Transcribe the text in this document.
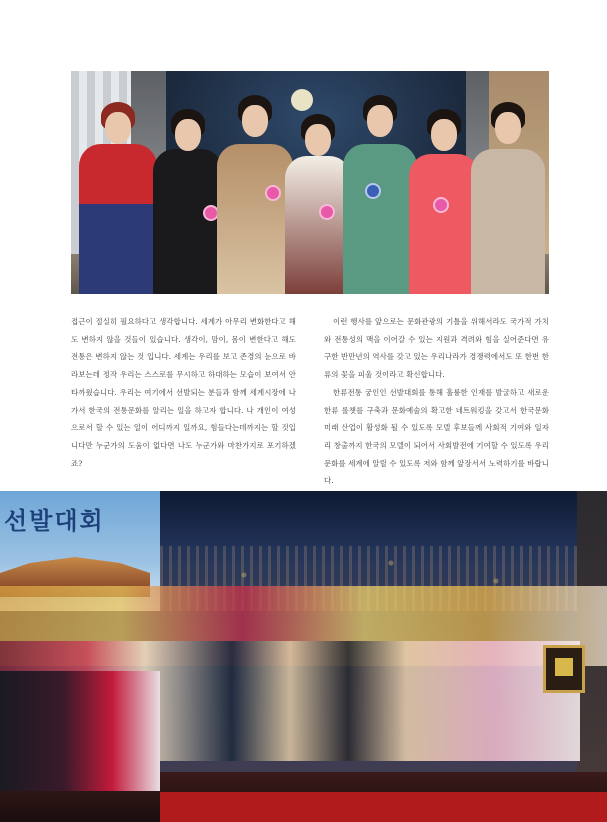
접근이 절실히 필요하다고 생각합니다. 세계가 아무리 변화한다고 해도 변하지 않을 것들이 있습니다. 생각이, 맘이, 몸이 변한다고 해도 전통은 변하지 않는 것 입니다. 세계는 우리를 보고 존경의 눈으로 바라보는데 정작 우리는 스스로를 무시하고 하대하는 모습이 보여서 안타까웠습니다. 우리는 여기에서 선발되는 분들과 함께 세계시장에 나가서 한국의 전통문화를 알리는 일을 하고자 합니다. 나 개인이 여성으로서 할 수 있는 일이 어디까지 일까요, 힘들다는데까지는 할 것입니다만 누군가의 도움이 없다면 나도 누군가와 마찬가지로 포기하겠죠?

이런 행사를 앞으로는 문화관광의 기틀을 위해서라도 국가적 가치와 전통성의 맥을 이어갈 수 있는 지원과 격려와 힘을 실어준다면 유구한 반만년의 역사를 갖고 있는 우리나라가 경쟁력에서도 또 한번 한류의 꽃을 피울 것이라고 확신합니다.

한류전통 궁인인 선발대회를 통해 훌륭한 인재를 발굴하고 새로운 한류 롤챗를 구축과 문화예술의 확고한 네트워킹을 갖고서 한국문화 미래 산업이 활성화 될 수 있도록 모델 후보들께 사회적 기여와 일자리 창출까지 한국의 모델이 되어서 사회발전에 기여할 수 있도록 우리 문화를 세계에 알릴 수 있도록 저와 함께 앞장서서 노력하기를 바랍니다.

선발대회
